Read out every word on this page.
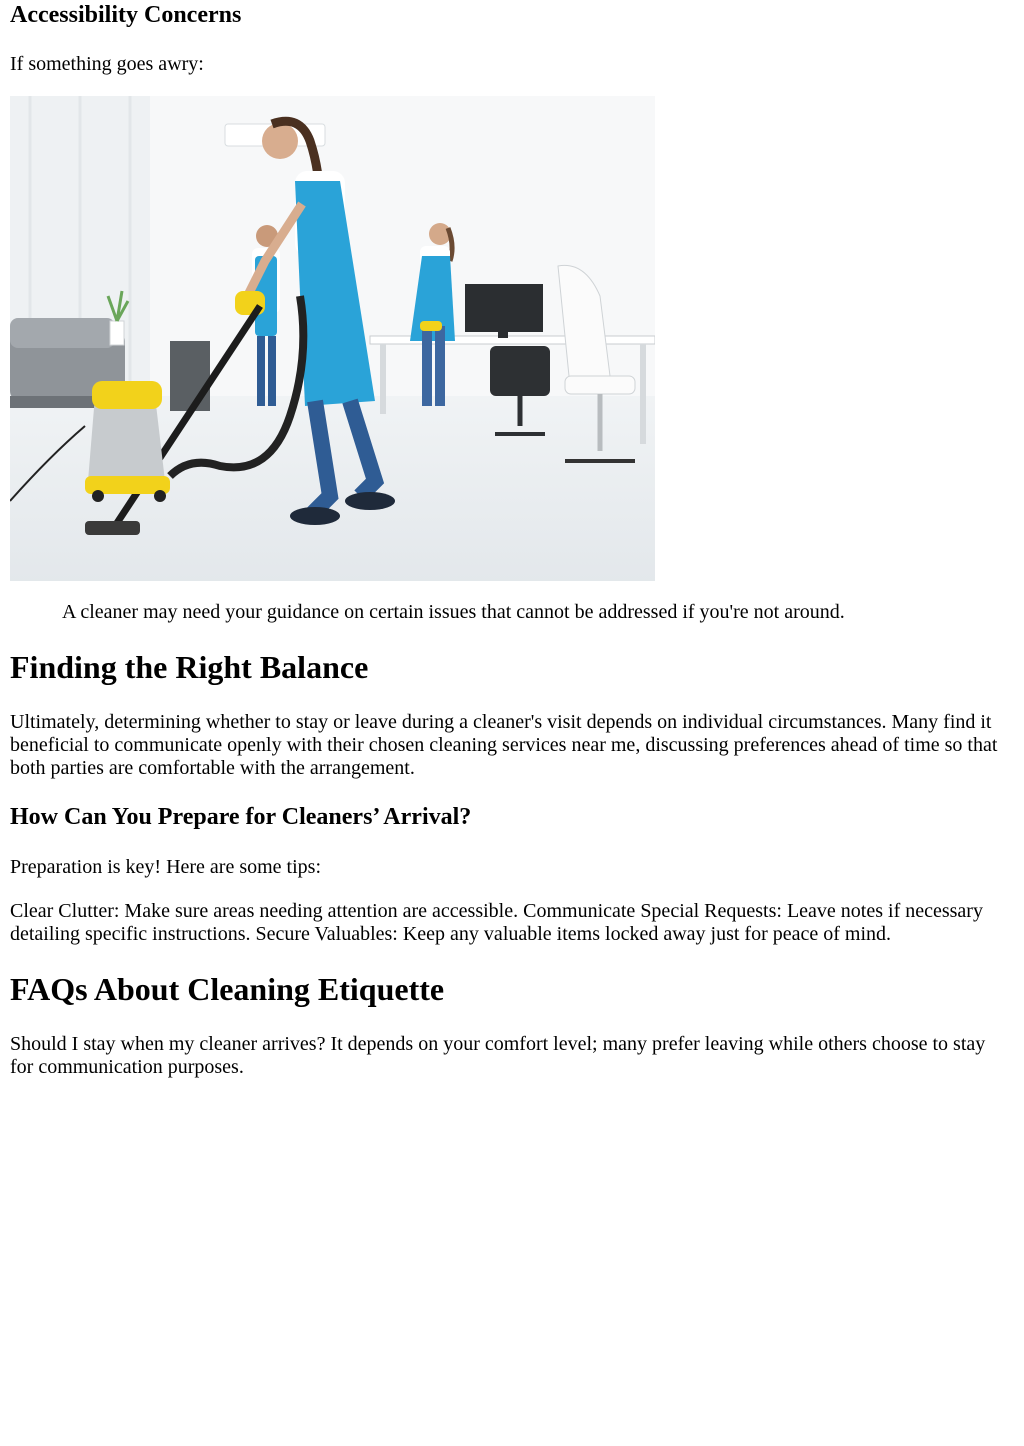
Accessibility Concerns

If something goes awry:

A cleaner may need your guidance on certain issues that cannot be addressed if you're not around.

Finding the Right Balance

Ultimately, determining whether to stay or leave during a cleaner's visit depends on individual circumstances. Many find it beneficial to communicate openly with their chosen cleaning services near me, discussing preferences ahead of time so that both parties are comfortable with the arrangement.

How Can You Prepare for Cleaners’ Arrival?

Preparation is key! Here are some tips:

Clear Clutter: Make sure areas needing attention are accessible. Communicate Special Requests: Leave notes if necessary detailing specific instructions. Secure Valuables: Keep any valuable items locked away just for peace of mind.

FAQs About Cleaning Etiquette

Should I stay when my cleaner arrives? It depends on your comfort level; many prefer leaving while others choose to stay for communication purposes.
